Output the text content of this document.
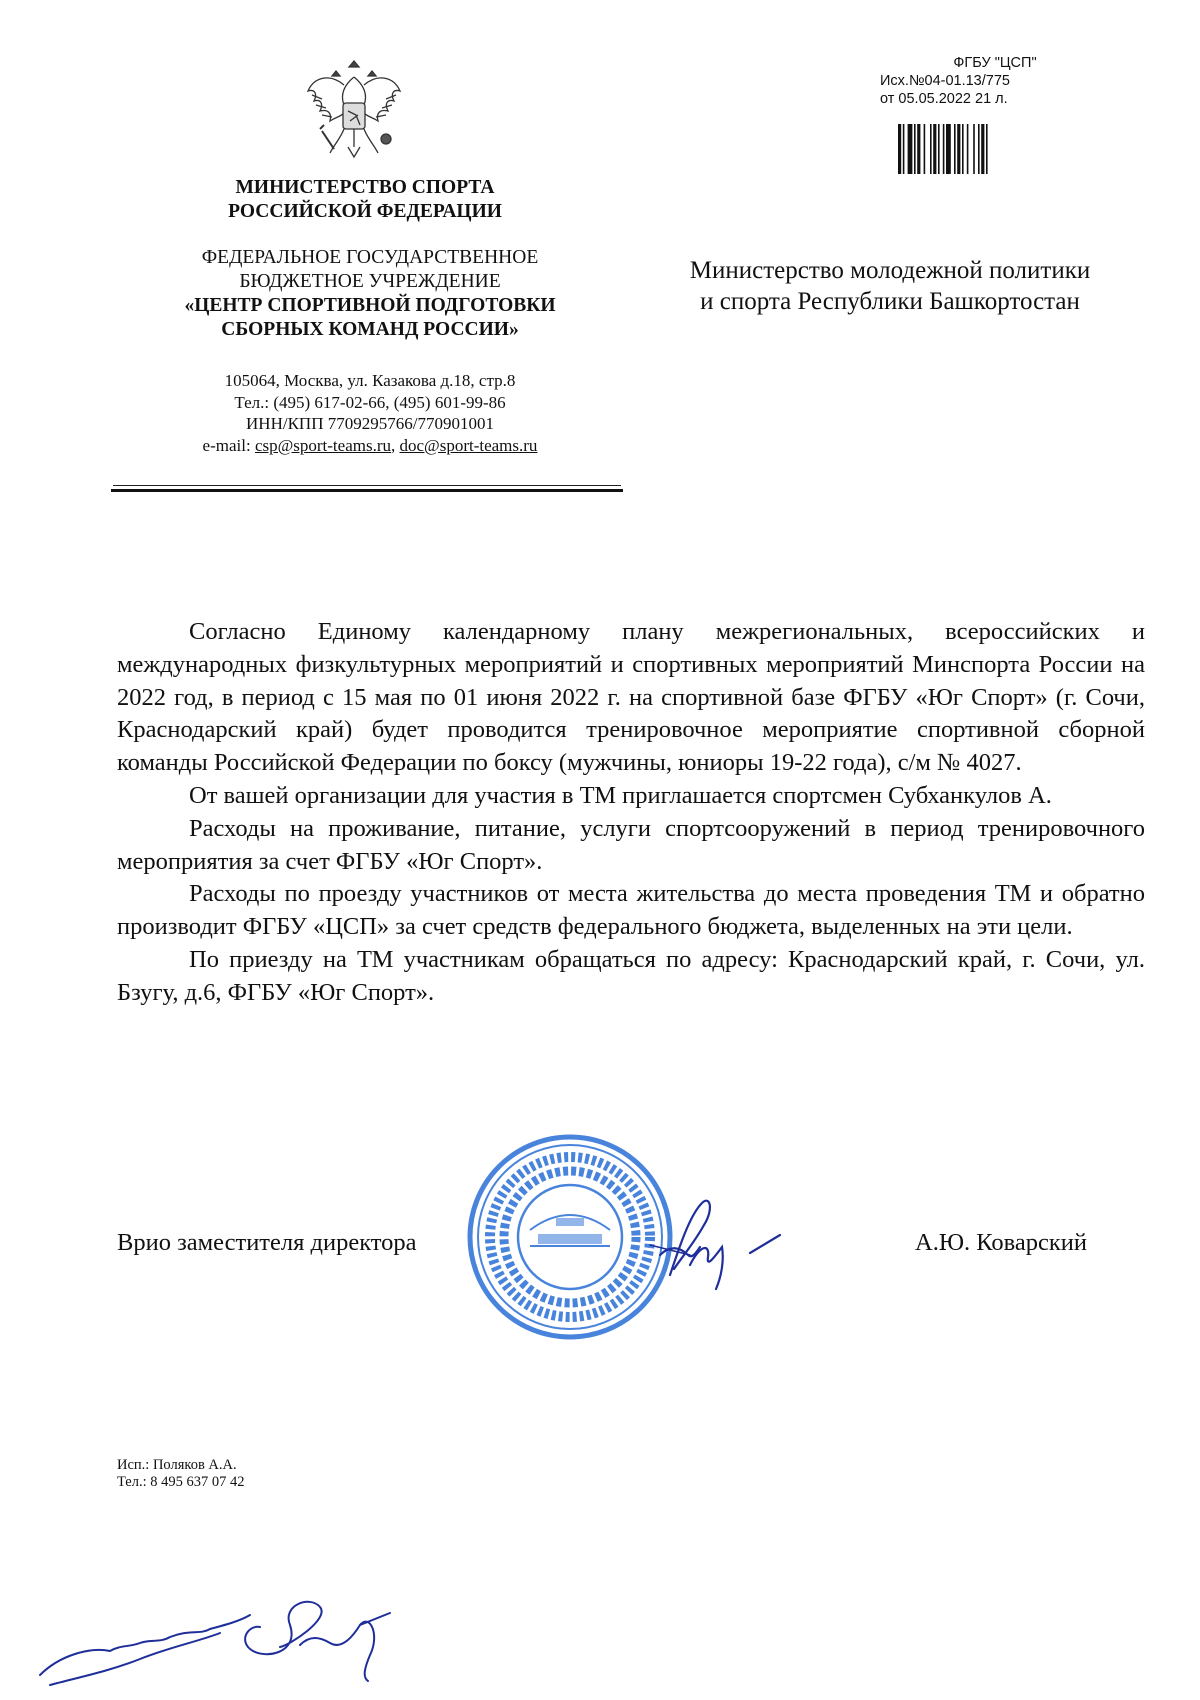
МИНИСТЕРСТВО СПОРТА
РОССИЙСКОЙ ФЕДЕРАЦИИ
ФЕДЕРАЛЬНОЕ ГОСУДАРСТВЕННОЕ
БЮДЖЕТНОЕ УЧРЕЖДЕНИЕ
«ЦЕНТР СПОРТИВНОЙ ПОДГОТОВКИ
СБОРНЫХ КОМАНД РОССИИ»
105064, Москва, ул. Казакова д.18, стр.8
Тел.: (495) 617-02-66, (495) 601-99-86
ИНН/КПП 7709295766/770901001
e-mail: csp@sport-teams.ru, doc@sport-teams.ru
ФГБУ "ЦСП"
Исх.№04-01.13/775
от 05.05.2022 21 л.
Министерство молодежной политики
и спорта Республики Башкортостан

Согласно Единому календарному плану межрегиональных, всероссийских и международных физкультурных мероприятий и спортивных мероприятий Минспорта России на 2022 год, в период с 15 мая по 01 июня 2022 г. на спортивной базе ФГБУ «Юг Спорт» (г. Сочи, Краснодарский край) будет проводится тренировочное мероприятие спортивной сборной команды Российской Федерации по боксу (мужчины, юниоры 19-22 года), с/м № 4027.

От вашей организации для участия в ТМ приглашается спортсмен Субханкулов А.

Расходы на проживание, питание, услуги спортсооружений в период тренировочного мероприятия за счет ФГБУ «Юг Спорт».

Расходы по проезду участников от места жительства до места проведения ТМ и обратно производит ФГБУ «ЦСП» за счет средств федерального бюджета, выделенных на эти цели.

По приезду на ТМ участникам обращаться по адресу: Краснодарский край, г. Сочи, ул. Бзугу, д.6, ФГБУ «Юг Спорт».

Врио заместителя директора	А.Ю. Коварский
Исп.: Поляков А.А.
Тел.: 8 495 637 07 42
